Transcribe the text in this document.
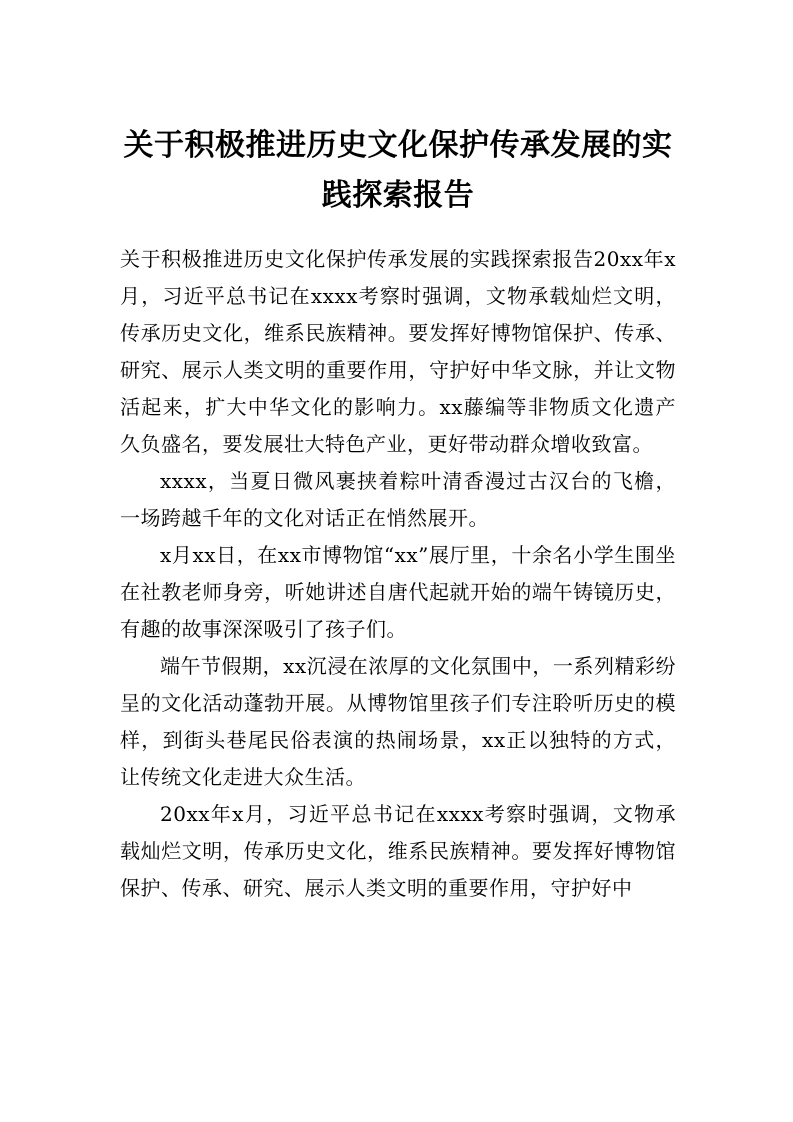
关于积极推进历史文化保护传承发展的实践探索报告

关于积极推进历史文化保护传承发展的实践探索报告20xx年x月，习近平总书记在xxxx考察时强调，文物承载灿烂文明，传承历史文化，维系民族精神。要发挥好博物馆保护、传承、研究、展示人类文明的重要作用，守护好中华文脉，并让文物活起来，扩大中华文化的影响力。xx藤编等非物质文化遗产久负盛名，要发展壮大特色产业，更好带动群众增收致富。

xxxx，当夏日微风裹挟着粽叶清香漫过古汉台的飞檐，一场跨越千年的文化对话正在悄然展开。

x月xx日，在xx市博物馆“xx”展厅里，十余名小学生围坐在社教老师身旁，听她讲述自唐代起就开始的端午铸镜历史，有趣的故事深深吸引了孩子们。

端午节假期，xx沉浸在浓厚的文化氛围中，一系列精彩纷呈的文化活动蓬勃开展。从博物馆里孩子们专注聆听历史的模样，到街头巷尾民俗表演的热闹场景，xx正以独特的方式，让传统文化走进大众生活。

20xx年x月，习近平总书记在xxxx考察时强调，文物承载灿烂文明，传承历史文化，维系民族精神。要发挥好博物馆保护、传承、研究、展示人类文明的重要作用，守护好中
